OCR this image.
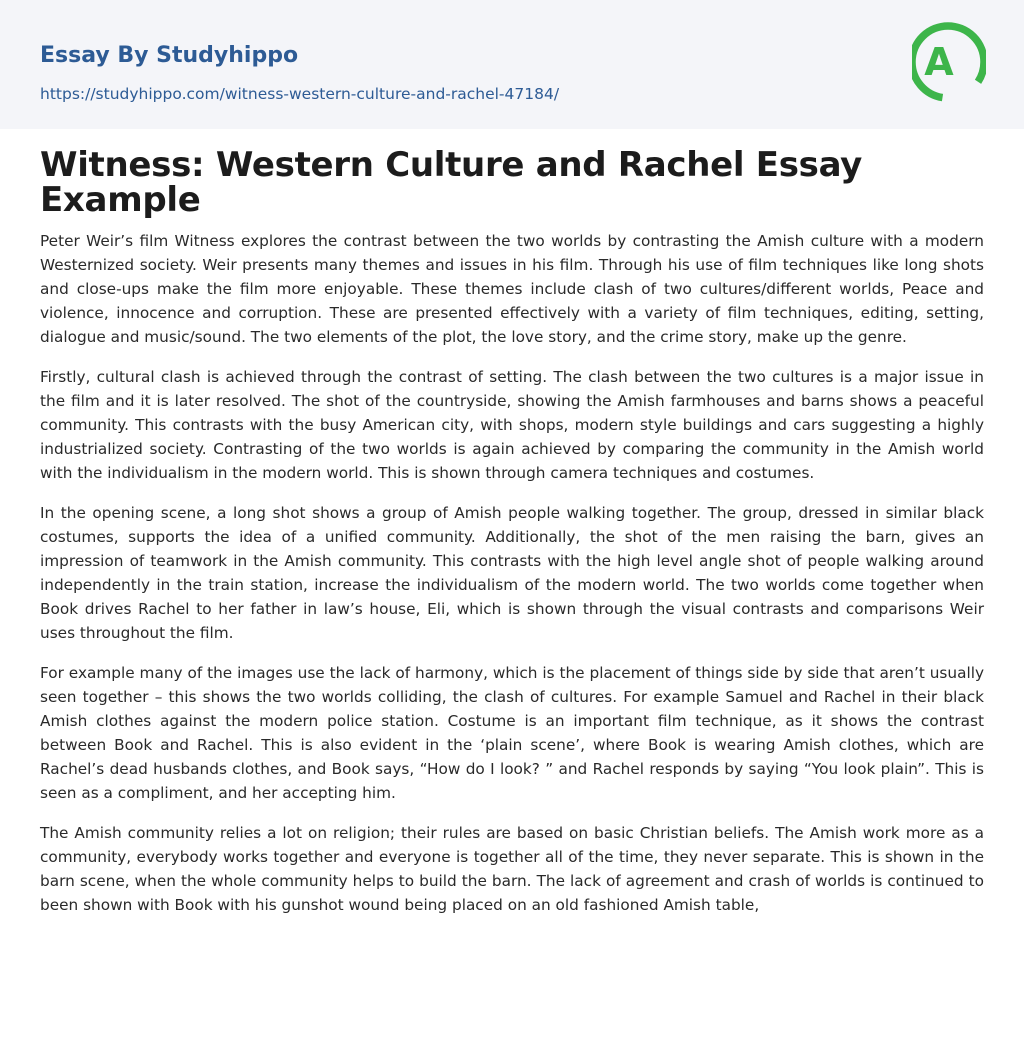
Essay By Studyhippo
https://studyhippo.com/witness-western-culture-and-rachel-47184/
A
Witness: Western Culture and Rachel Essay Example

Peter Weir’s film Witness explores the contrast between the two worlds by contrasting the Amish culture with a modern Westernized society. Weir presents many themes and issues in his film. Through his use of film techniques like long shots and close-ups make the film more enjoyable. These themes include clash of two cultures/different worlds, Peace and violence, innocence and corruption. These are presented effectively with a variety of film techniques, editing, setting, dialogue and music/sound. The two elements of the plot, the love story, and the crime story, make up the genre.

Firstly, cultural clash is achieved through the contrast of setting. The clash between the two cultures is a major issue in the film and it is later resolved. The shot of the countryside, showing the Amish farmhouses and barns shows a peaceful community. This contrasts with the busy American city, with shops, modern style buildings and cars suggesting a highly industrialized society. Contrasting of the two worlds is again achieved by comparing the community in the Amish world with the individualism in the modern world. This is shown through camera techniques and costumes.

In the opening scene, a long shot shows a group of Amish people walking together. The group, dressed in similar black costumes, supports the idea of a unified community. Additionally, the shot of the men raising the barn, gives an impression of teamwork in the Amish community. This contrasts with the high level angle shot of people walking around independently in the train station, increase the individualism of the modern world. The two worlds come together when Book drives Rachel to her father in law’s house, Eli, which is shown through the visual contrasts and comparisons Weir uses throughout the film.

For example many of the images use the lack of harmony, which is the placement of things side by side that aren’t usually seen together – this shows the two worlds colliding, the clash of cultures. For example Samuel and Rachel in their black Amish clothes against the modern police station. Costume is an important film technique, as it shows the contrast between Book and Rachel. This is also evident in the ‘plain scene’, where Book is wearing Amish clothes, which are Rachel’s dead husbands clothes, and Book says, “How do I look? ” and Rachel responds by saying “You look plain”. This is seen as a compliment, and her accepting him.

The Amish community relies a lot on religion; their rules are based on basic Christian beliefs. The Amish work more as a community, everybody works together and everyone is together all of the time, they never separate. This is shown in the barn scene, when the whole community helps to build the barn. The lack of agreement and crash of worlds is continued to been shown with Book with his gunshot wound being placed on an old fashioned Amish table,
